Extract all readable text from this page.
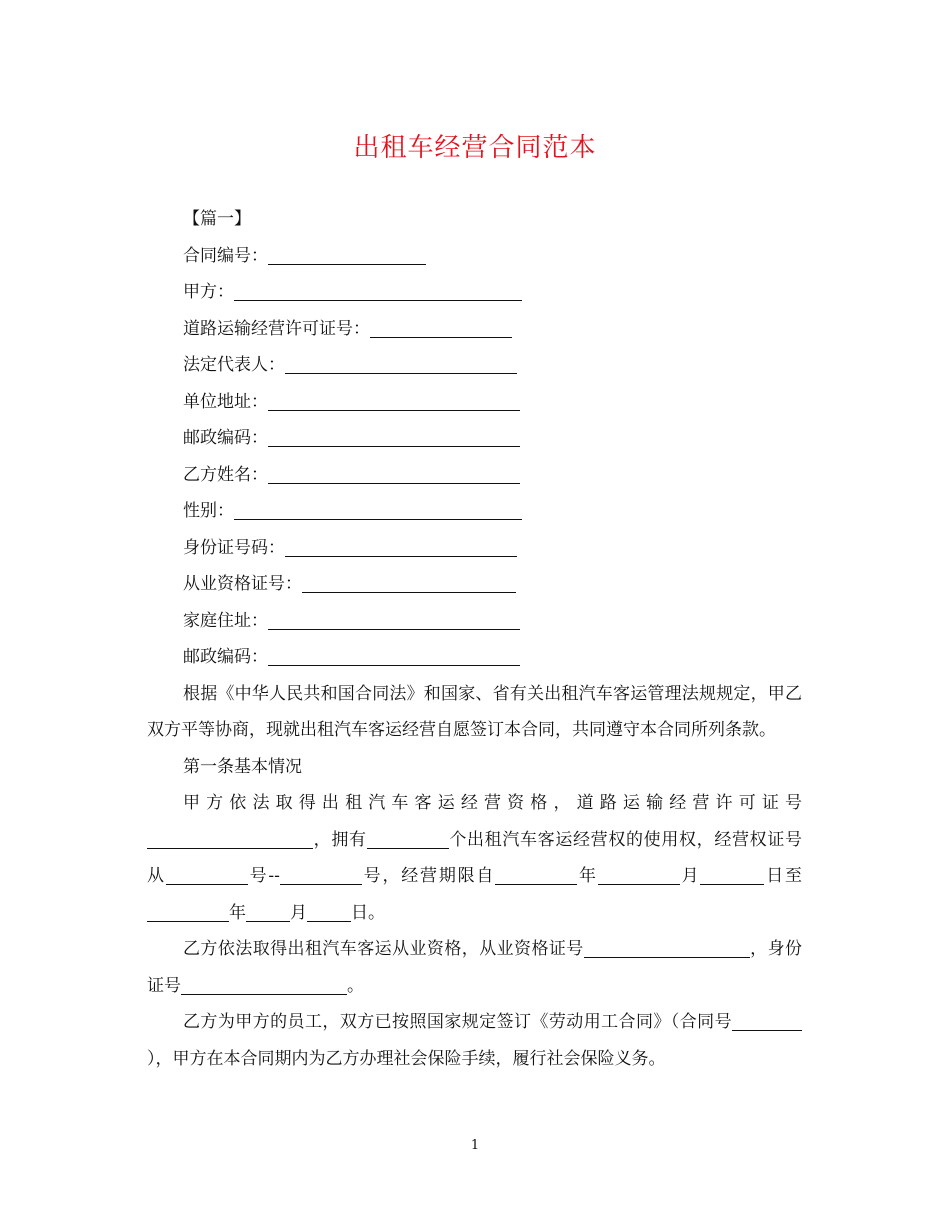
出租车经营合同范本

【篇一】

合同编号：

甲方：

道路运输经营许可证号：

法定代表人：

单位地址：

邮政编码：

乙方姓名：

性别：

身份证号码：

从业资格证号：

家庭住址：

邮政编码：

根据《中华人民共和国合同法》和国家、省有关出租汽车客运管理法规规定，甲乙双方平等协商，现就出租汽车客运经营自愿签订本合同，共同遵守本合同所列条款。

第一条基本情况

甲方依法取得出租汽车客运经营资格，道路运输经营许可证号，拥有	个出租汽车客运经营权的使用权，经营权证号从	号--	号，经营期限自	年	月	日至年	月	日。

乙方依法取得出租汽车客运从业资格，从业资格证号	，身份证号	。

乙方为甲方的员工，双方已按照国家规定签订《劳动用工合同》（合同号），甲方在本合同期内为乙方办理社会保险手续，履行社会保险义务。

1
